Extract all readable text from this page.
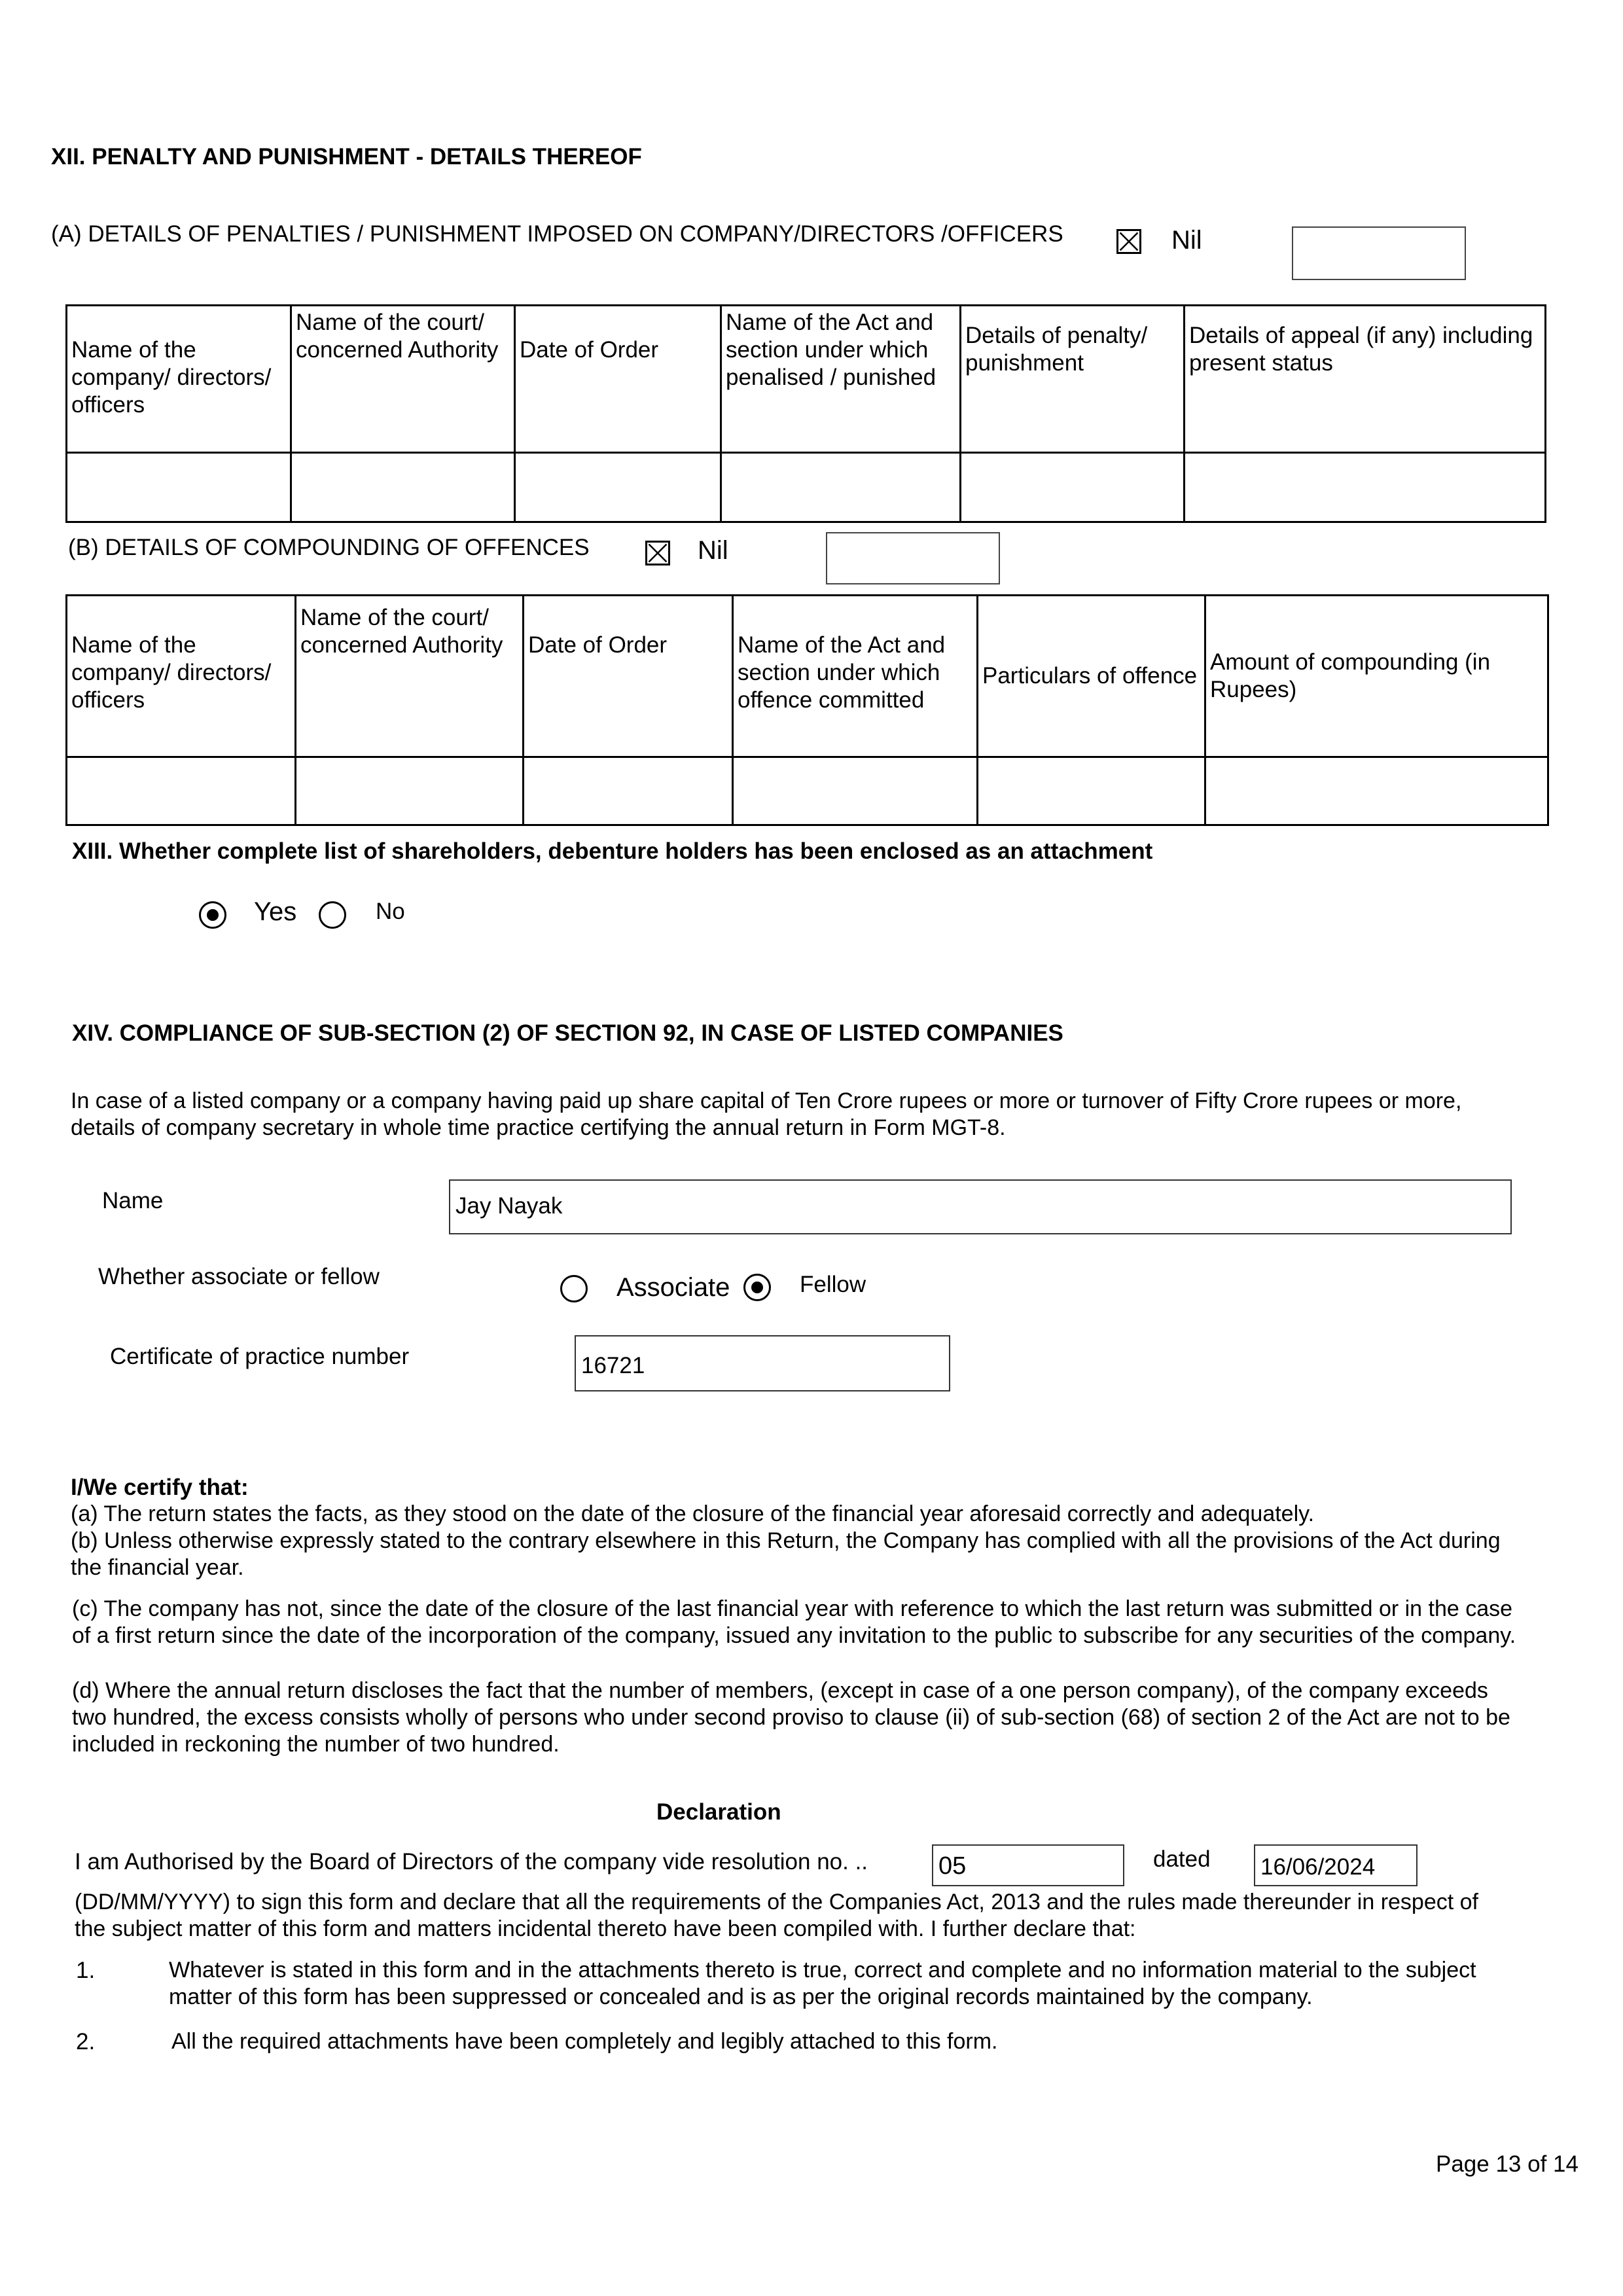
XII. PENALTY AND PUNISHMENT - DETAILS THEREOF
(A) DETAILS OF PENALTIES / PUNISHMENT IMPOSED ON COMPANY/DIRECTORS /OFFICERS	Nil
Name of the company/ directors/ officers	Name of the court/ concerned Authority	Date of Order	Name of the Act and section under which penalised / punished	Details of penalty/ punishment	Details of appeal (if any) including present status

(B) DETAILS OF COMPOUNDING OF OFFENCES	Nil
Name of the company/ directors/ officers	Name of the court/ concerned Authority	Date of Order	Name of the Act and section under which offence committed	Particulars of offence	Amount of compounding (in Rupees)

XIII. Whether complete list of shareholders, debenture holders has been enclosed as an attachment
Yes	No
XIV. COMPLIANCE OF SUB-SECTION (2) OF SECTION 92, IN CASE OF LISTED COMPANIES
In case of a listed company or a company having paid up share capital of Ten Crore rupees or more or turnover of Fifty Crore rupees or more, details of company secretary in whole time practice certifying the annual return in Form MGT-8.
Name	Jay Nayak
Whether associate or fellow	Associate	Fellow
Certificate of practice number	16721
I/We certify that:
(a) The return states the facts, as they stood on the date of the closure of the financial year aforesaid correctly and adequately.
(b) Unless otherwise expressly stated to the contrary elsewhere in this Return, the Company has complied with all the provisions of the Act during the financial year.
(c) The company has not, since the date of the closure of the last financial year with reference to which the last return was submitted or in the case of a first return since the date of the incorporation of the company, issued any invitation to the public to subscribe for any securities of the company.
(d) Where the annual return discloses the fact that the number of members, (except in case of a one person company), of the company exceeds two hundred, the excess consists wholly of persons who under second proviso to clause (ii) of sub-section (68) of section 2 of the Act are not to be included in reckoning the number of two hundred.
Declaration
I am Authorised by the Board of Directors of the company vide resolution no. ..	05	dated 16/06/2024
(DD/MM/YYYY) to sign this form and declare that all the requirements of the Companies Act, 2013 and the rules made thereunder in respect of the subject matter of this form and matters incidental thereto have been compiled with. I further declare that:
1.	Whatever is stated in this form and in the attachments thereto is true, correct and complete and no information material to the subject matter of this form has been suppressed or concealed and is as per the original records maintained by the company.
2.	All the required attachments have been completely and legibly attached to this form.
Page 13 of 14
